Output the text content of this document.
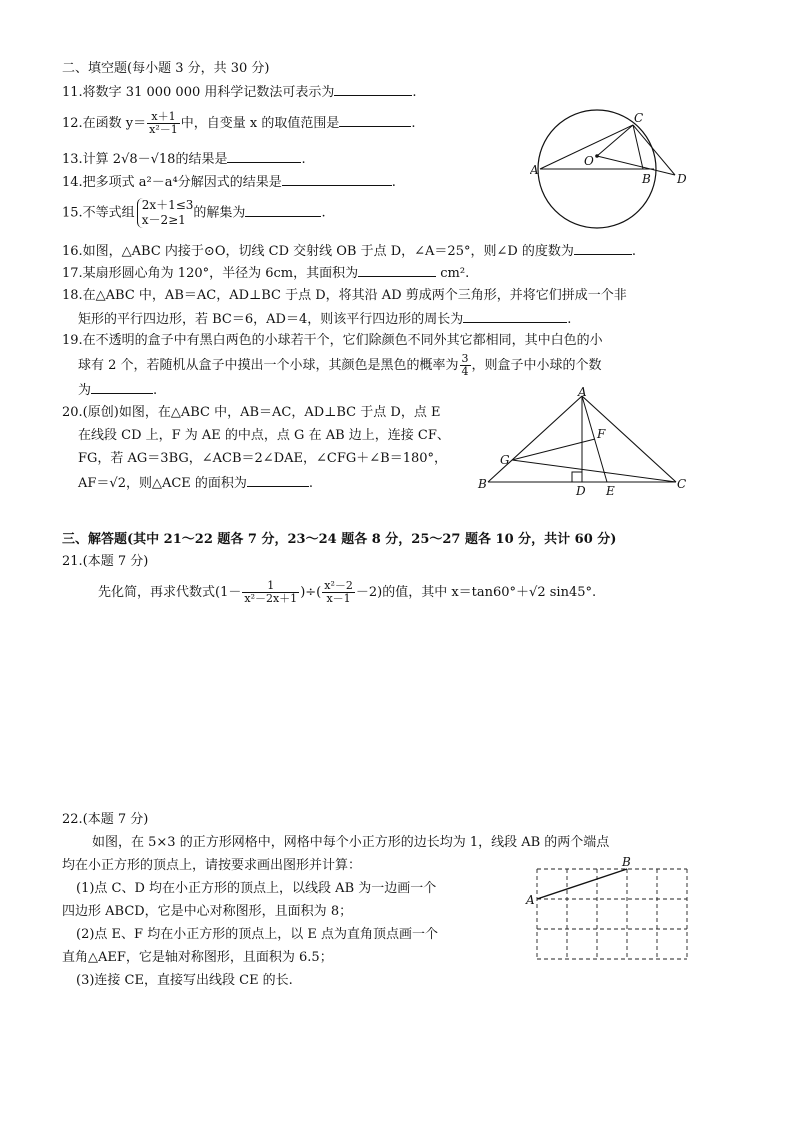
二、填空题(每小题 3 分，共 30 分)
11.将数字 31 000 000 用科学记数法可表示为	.
12.在函数 $y= \frac{x+1}{\text{x²－1}}$ 中，自变量 x 的取值范围是	.
13.计算 2√8－√18的结果是	.
14.把多项式 a²－a⁴分解因式的结果是	.
15.不等式组
2x＋1≤3
x－2≥1 的解集为	.
16.如图，△ABC 内接于⊙O，切线 CD 交射线 OB 于点 D，∠A＝25°，则∠D 的度数为	.
17.某扇形圆心角为 120°，半径为 6cm，其面积为	cm².
18.在△ABC 中，AB＝AC，AD⊥BC 于点 D，将其沿 AD 剪成两个三角形，并将它们拼成一个非
矩形的平行四边形，若 BC＝6，AD＝4，则该平行四边形的周长为	.
19.在不透明的盒子中有黑白两色的小球若干个，它们除颜色不同外其它都相同，其中白色的小
球有 2 个，若随机从盒子中摸出一个小球，其颜色是黑色的概率为 $\frac{3}{4}$ ，则盒子中小球的个数
为	.
20.(原创)如图，在△ABC 中，AB＝AC，AD⊥BC 于点 D，点 E
在线段 CD 上，F 为 AE 的中点，点 G 在 AB 边上，连接 CF、
FG，若 AG＝3BG，∠ACB＝2∠DAE，∠CFG＋∠B＝180°，
AF＝√2，则△ACE 的面积为	.
A
B
C
D
O
A
B	C
D E
F
G
三、解答题(其中 21～22 题各 7 分，23～24 题各 8 分，25～27 题各 10 分，共计 60 分)
21.(本题 7 分)
先化简，再求代数式($1- \frac{1}{\text{x²－2x＋1}}$ )÷( $\frac{\text{x²－2}}{x-1} -2$)的值，其中 x＝tan60°＋√2 sin45°.
22.(本题 7 分)
如图，在 5×3 的正方形网格中，网格中每个小正方形的边长均为 1，线段 AB 的两个端点
均在小正方形的顶点上，请按要求画出图形并计算：
(1)点 C、D 均在小正方形的顶点上，以线段 AB 为一边画一个
四边形 ABCD，它是中心对称图形，且面积为 8；
(2)点 E、F 均在小正方形的顶点上，以 E 点为直角顶点画一个
直角△AEF，它是轴对称图形，且面积为 6.5；
(3)连接 CE，直接写出线段 CE 的长.
A
B
